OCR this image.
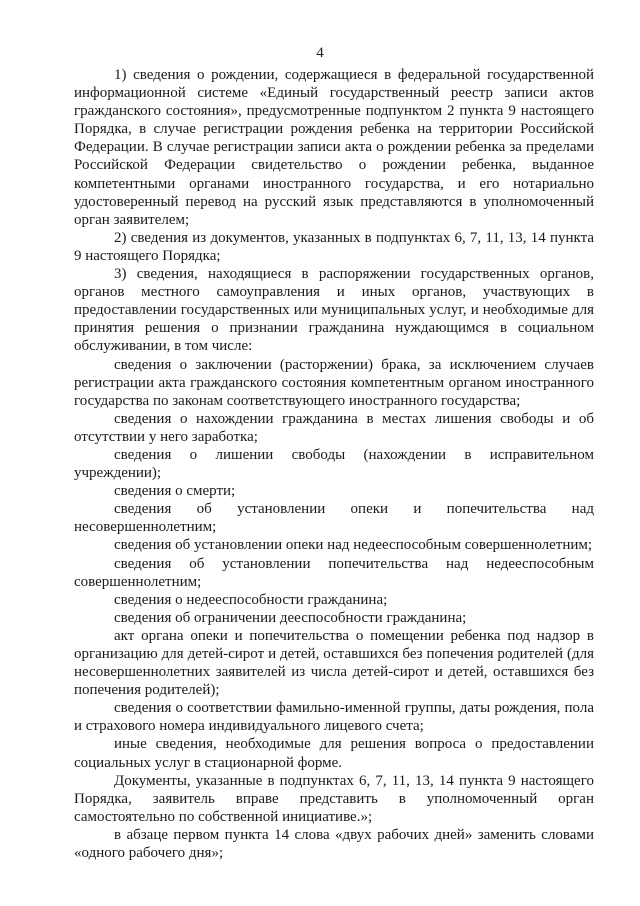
4

1) сведения о рождении, содержащиеся в федеральной государственной информационной системе «Единый государственный реестр записи актов гражданского состояния», предусмотренные подпунктом 2 пункта 9 настоящего Порядка, в случае регистрации рождения ребенка на территории Российской Федерации. В случае регистрации записи акта о рождении ребенка за пределами Российской Федерации свидетельство о рождении ребенка, выданное компетентными органами иностранного государства, и его нотариально удостоверенный перевод на русский язык представляются в уполномоченный орган заявителем;

2) сведения из документов, указанных в подпунктах 6, 7, 11, 13, 14 пункта 9 настоящего Порядка;

3) сведения, находящиеся в распоряжении государственных органов, органов местного самоуправления и иных органов, участвующих в предоставлении государственных или муниципальных услуг, и необходимые для принятия решения о признании гражданина нуждающимся в социальном обслуживании, в том числе:

сведения о заключении (расторжении) брака, за исключением случаев регистрации акта гражданского состояния компетентным органом иностранного государства по законам соответствующего иностранного государства;

сведения о нахождении гражданина в местах лишения свободы и об отсутствии у него заработка;

сведения о лишении свободы (нахождении в исправительном учреждении);

сведения о смерти;

сведения об установлении опеки и попечительства над несовершеннолетним;

сведения об установлении опеки над недееспособным совершеннолетним;

сведения об установлении попечительства над недееспособным совершеннолетним;

сведения о недееспособности гражданина;

сведения об ограничении дееспособности гражданина;

акт органа опеки и попечительства о помещении ребенка под надзор в организацию для детей-сирот и детей, оставшихся без попечения родителей (для несовершеннолетних заявителей из числа детей-сирот и детей, оставшихся без попечения родителей);

сведения о соответствии фамильно-именной группы, даты рождения, пола и страхового номера индивидуального лицевого счета;

иные сведения, необходимые для решения вопроса о предоставлении социальных услуг в стационарной форме.

Документы, указанные в подпунктах 6, 7, 11, 13, 14 пункта 9 настоящего Порядка, заявитель вправе представить в уполномоченный орган самостоятельно по собственной инициативе.»;

в абзаце первом пункта 14 слова «двух рабочих дней» заменить словами «одного рабочего дня»;
